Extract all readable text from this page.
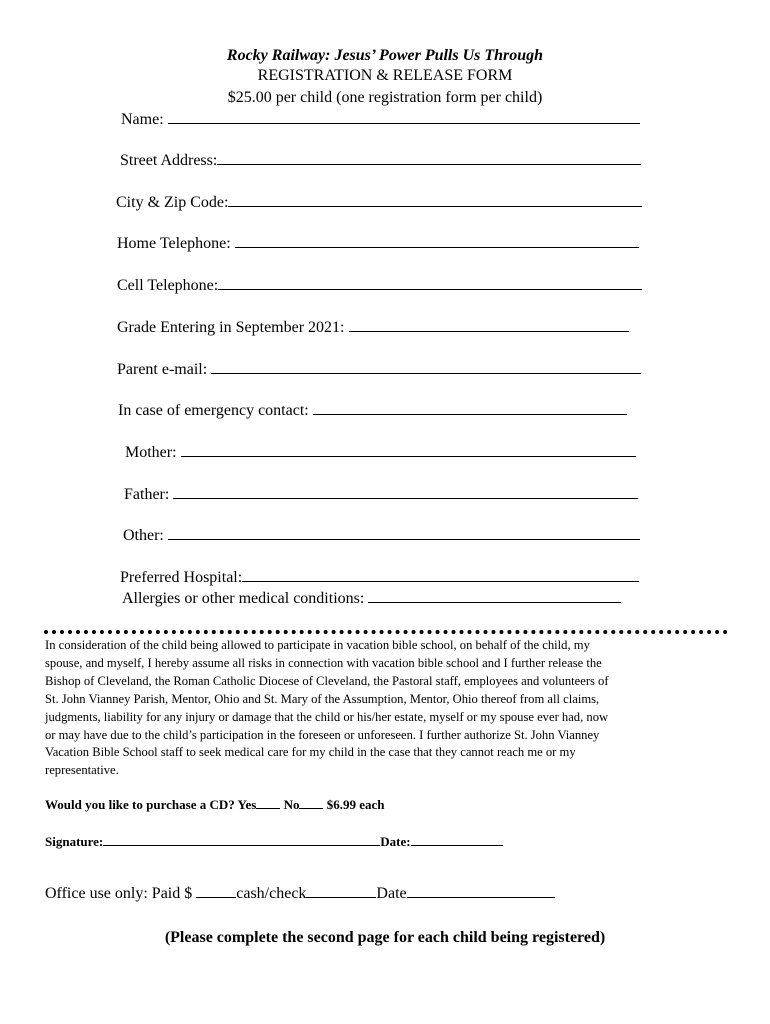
Rocky Railway: Jesus’ Power Pulls Us Through
REGISTRATION & RELEASE FORM
$25.00 per child (one registration form per child)
Name:
Street Address:
City & Zip Code:
Home Telephone:
Cell Telephone:
Grade Entering in September 2021:
Parent e-mail:
In case of emergency contact:
Mother:
Father:
Other:
Preferred Hospital:
Allergies or other medical conditions:
In consideration of the child being allowed to participate in vacation bible school, on behalf of the child, my
spouse, and myself, I hereby assume all risks in connection with vacation bible school and I further release the
Bishop of Cleveland, the Roman Catholic Diocese of Cleveland, the Pastoral staff, employees and volunteers of
St. John Vianney Parish, Mentor, Ohio and St. Mary of the Assumption, Mentor, Ohio thereof from all claims,
judgments, liability for any injury or damage that the child or his/her estate, myself or my spouse ever had, now
or may have due to the child’s participation in the foreseen or unforeseen. I further authorize St. John Vianney
Vacation Bible School staff to seek medical care for my child in the case that they cannot reach me or my
representative.
Would you like to purchase a CD? Yes No $6.99 each
Signature:	Date:
Office use only: Paid $	cash/check	Date
(Please complete the second page for each child being registered)
